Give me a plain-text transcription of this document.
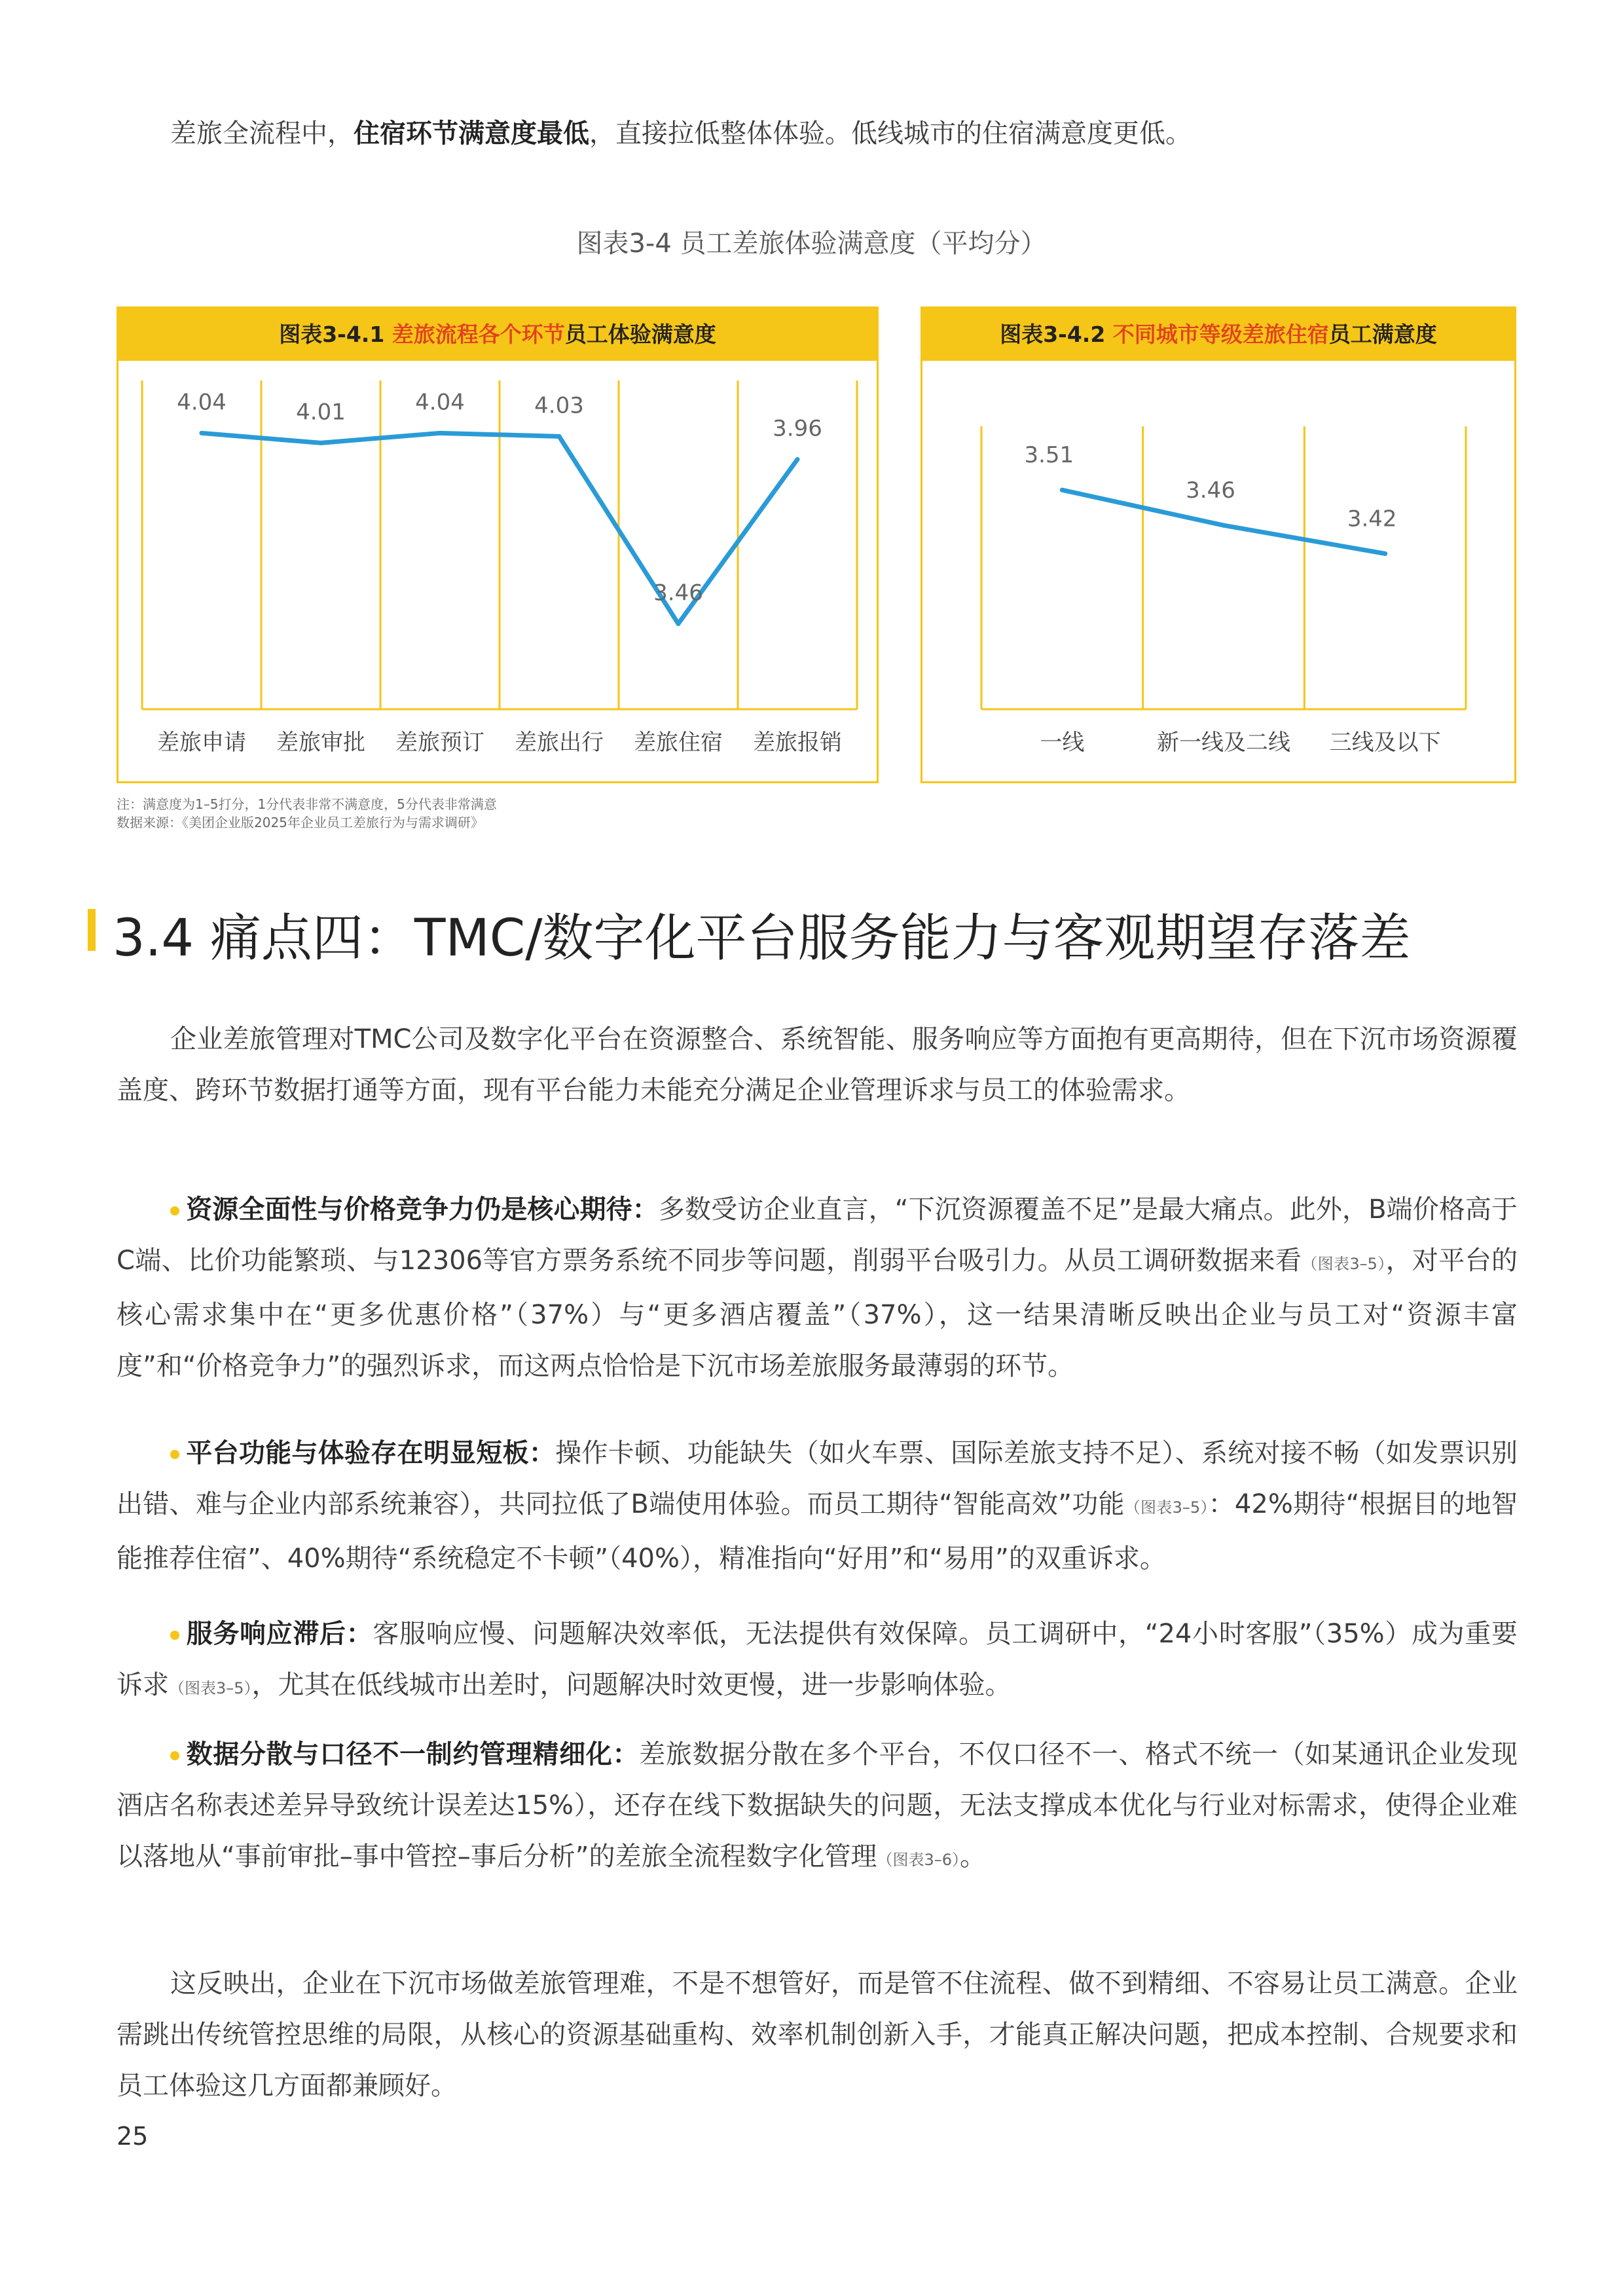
差旅全流程中，住宿环节满意度最低，直接拉低整体体验。低线城市的住宿满意度更低。
图表3-4 员工差旅体验满意度（平均分）
图表3-4.1 差旅流程各个环节员工体验满意度
4.04
差旅申请
4.01
差旅审批
4.04
差旅预订
4.03
差旅出行
3.46
差旅住宿
3.96
差旅报销
图表3-4.2 不同城市等级差旅住宿员工满意度
3.51
一线
3.46
新一线及二线
3.42
三线及以下
注：满意度为1–5打分，1分代表非常不满意度，5分代表非常满意
数据来源：《美团企业版2025年企业员工差旅行为与需求调研》
3.4 痛点四：TMC/数字化平台服务能力与客观期望存落差
企业差旅管理对TMC公司及数字化平台在资源整合、系统智能、服务响应等方面抱有更高期待，但在下沉市场资源覆盖度、跨环节数据打通等方面，现有平台能力未能充分满足企业管理诉求与员工的体验需求。
资源全面性与价格竞争力仍是核心期待：多数受访企业直言，“下沉资源覆盖不足”是最大痛点。此外，B端价格高于C端、比价功能繁琐、与12306等官方票务系统不同步等问题，削弱平台吸引力。从员工调研数据来看（图表3–5），对平台的核心需求集中在“更多优惠价格”（37%）与“更多酒店覆盖”（37%），这一结果清晰反映出企业与员工对“资源丰富度”和“价格竞争力”的强烈诉求，而这两点恰恰是下沉市场差旅服务最薄弱的环节。
平台功能与体验存在明显短板：操作卡顿、功能缺失（如火车票、国际差旅支持不足）、系统对接不畅（如发票识别出错、难与企业内部系统兼容），共同拉低了B端使用体验。而员工期待“智能高效”功能（图表3–5）：42%期待“根据目的地智能推荐住宿”、40%期待“系统稳定不卡顿”（40%），精准指向“好用”和“易用”的双重诉求。
服务响应滞后：客服响应慢、问题解决效率低，无法提供有效保障。员工调研中，“24小时客服”（35%）成为重要诉求（图表3–5），尤其在低线城市出差时，问题解决时效更慢，进一步影响体验。
数据分散与口径不一制约管理精细化：差旅数据分散在多个平台，不仅口径不一、格式不统一（如某通讯企业发现酒店名称表述差异导致统计误差达15%），还存在线下数据缺失的问题，无法支撑成本优化与行业对标需求，使得企业难以落地从“事前审批–事中管控–事后分析”的差旅全流程数字化管理（图表3–6）。
这反映出，企业在下沉市场做差旅管理难，不是不想管好，而是管不住流程、做不到精细、不容易让员工满意。企业需跳出传统管控思维的局限，从核心的资源基础重构、效率机制创新入手，才能真正解决问题，把成本控制、合规要求和员工体验这几方面都兼顾好。
25
